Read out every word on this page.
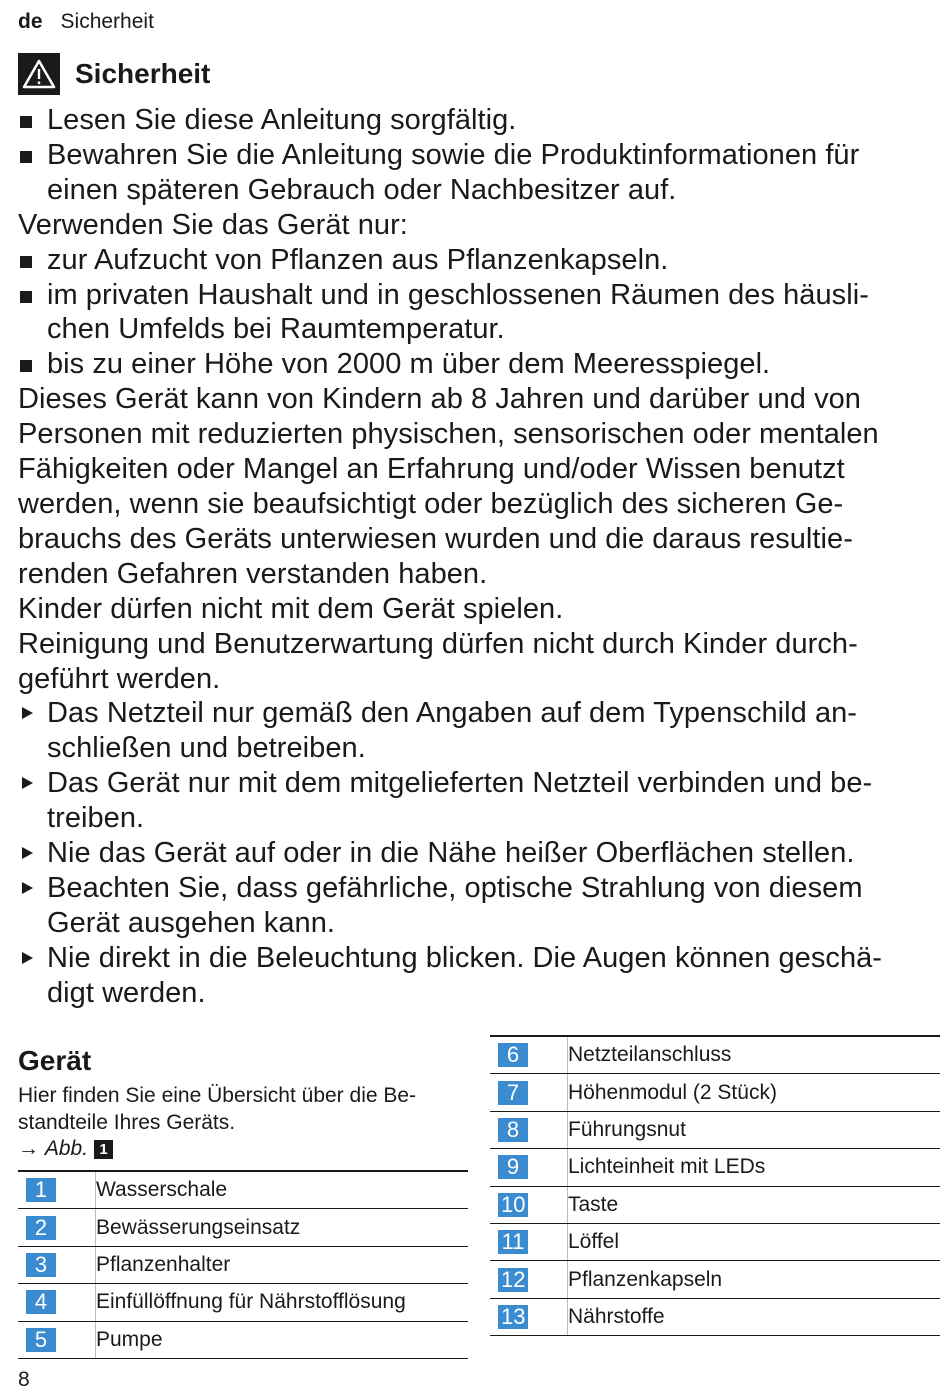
de Sicherheit
Sicherheit
Lesen Sie diese Anleitung sorgfältig.
Bewahren Sie die Anleitung sowie die Produktinformationen für
einen späteren Gebrauch oder Nachbesitzer auf.
Verwenden Sie das Gerät nur:
zur Aufzucht von Pflanzen aus Pflanzenkapseln.
im privaten Haushalt und in geschlossenen Räumen des häusli-
chen Umfelds bei Raumtemperatur.
bis zu einer Höhe von 2000 m über dem Meeresspiegel.
Dieses Gerät kann von Kindern ab 8 Jahren und darüber und von
Personen mit reduzierten physischen, sensorischen oder mentalen
Fähigkeiten oder Mangel an Erfahrung und/oder Wissen benutzt
werden, wenn sie beaufsichtigt oder bezüglich des sicheren Ge-
brauchs des Geräts unterwiesen wurden und die daraus resultie-
renden Gefahren verstanden haben.
Kinder dürfen nicht mit dem Gerät spielen.
Reinigung und Benutzerwartung dürfen nicht durch Kinder durch-
geführt werden.
Das Netzteil nur gemäß den Angaben auf dem Typenschild an-
schließen und betreiben.
Das Gerät nur mit dem mitgelieferten Netzteil verbinden und be-
treiben.
Nie das Gerät auf oder in die Nähe heißer Oberflächen stellen.
Beachten Sie, dass gefährliche, optische Strahlung von diesem
Gerät ausgehen kann.
Nie direkt in die Beleuchtung blicken. Die Augen können geschä-
digt werden.
Gerät
Hier finden Sie eine Übersicht über die Be-
standteile Ihres Geräts.
→
Abb. 1
1	Wasserschale
2	Bewässerungseinsatz
3	Pflanzenhalter
4	Einfüllöffnung für Nährstofflösung
5	Pumpe
6	Netzteilanschluss
7	Höhenmodul (2 Stück)
8	Führungsnut
9	Lichteinheit mit LEDs
10 Taste
11 Löffel
12 Pflanzenkapseln
13 Nährstoffe
8
